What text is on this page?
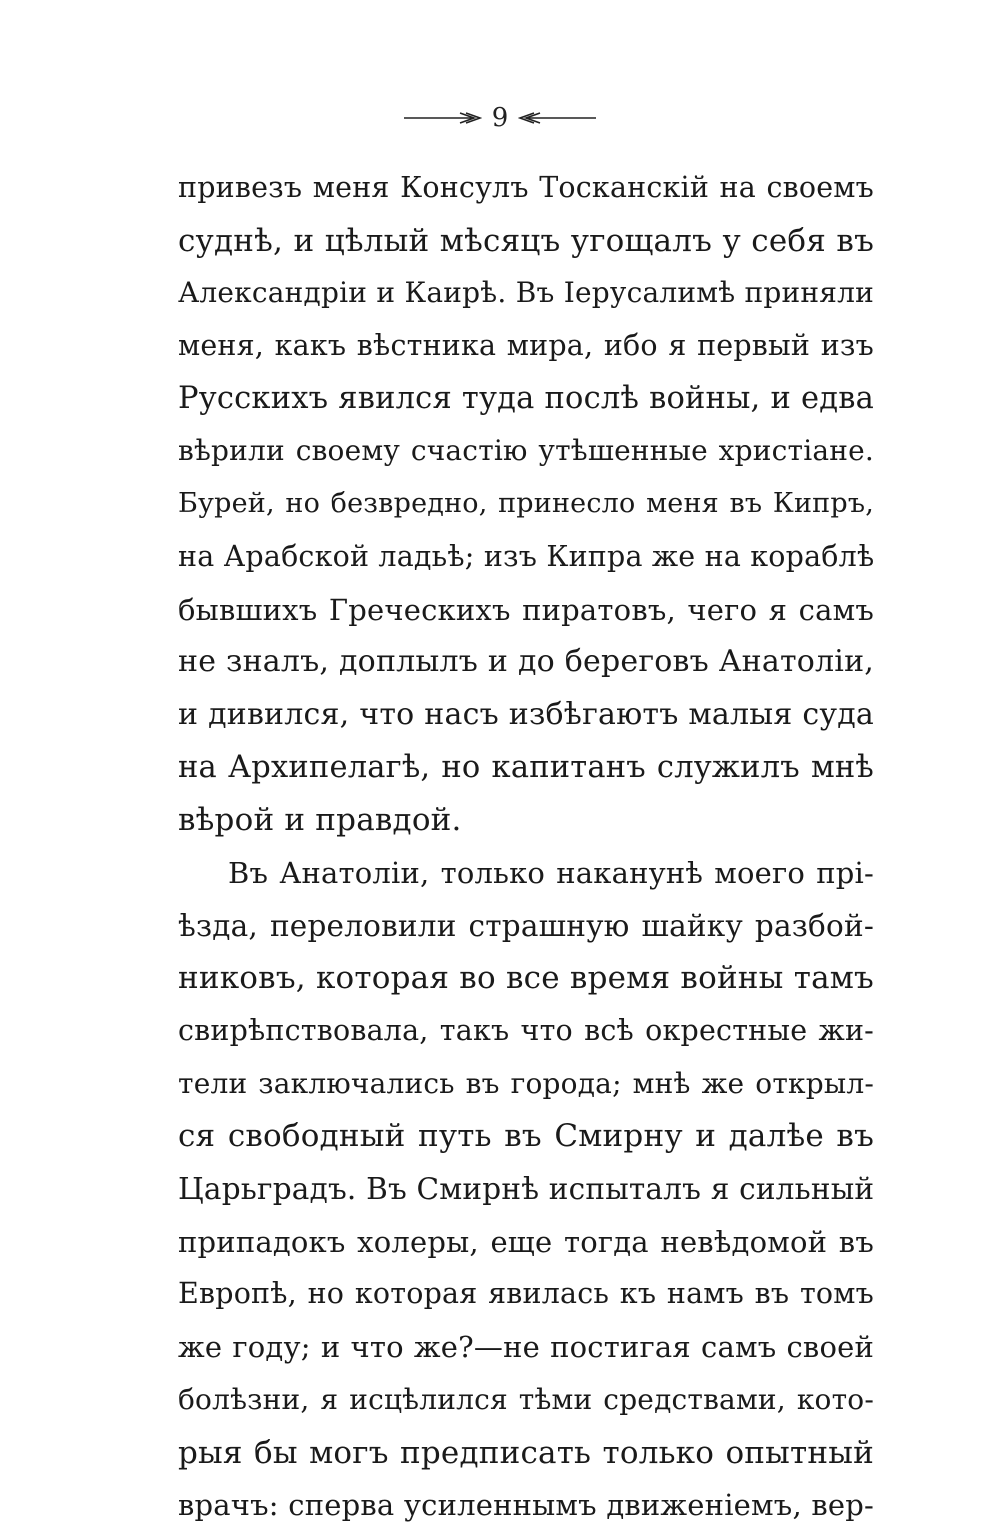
9
привезъ меня Консулъ Тосканскій на своемъ
суднѣ, и цѣлый мѣсяцъ угощалъ у себя въ
Александріи и Каирѣ. Въ Іерусалимѣ приняли
меня, какъ вѣстника мира, ибо я первый изъ
Русскихъ явился туда послѣ войны, и едва
вѣрили своему счастію утѣшенные христіане.
Бурей, но безвредно, принесло меня въ Кипръ,
на Арабской ладьѣ; изъ Кипра же на кораблѣ
бывшихъ Греческихъ пиратовъ, чего я самъ
не зналъ, доплылъ и до береговъ Анатоліи,
и дивился, что насъ избѣгаютъ малыя суда
на Архипелагѣ, но капитанъ служилъ мнѣ
вѣрой и правдой.
Въ Анатоліи, только наканунѣ моего прі-
ѣзда, переловили страшную шайку разбой-
никовъ, которая во все время войны тамъ
свирѣпствовала, такъ что всѣ окрестные жи-
тели заключались въ города; мнѣ же открыл-
ся свободный путь въ Смирну и далѣе въ
Царьградъ. Въ Смирнѣ испыталъ я сильный
припадокъ холеры, еще тогда невѣдомой въ
Европѣ, но которая явилась къ намъ въ томъ
же году; и что же?—не постигая самъ своей
болѣзни, я исцѣлился тѣми средствами, кото-
рыя бы могъ предписать только опытный
врачъ: сперва усиленнымъ движеніемъ, вер-
